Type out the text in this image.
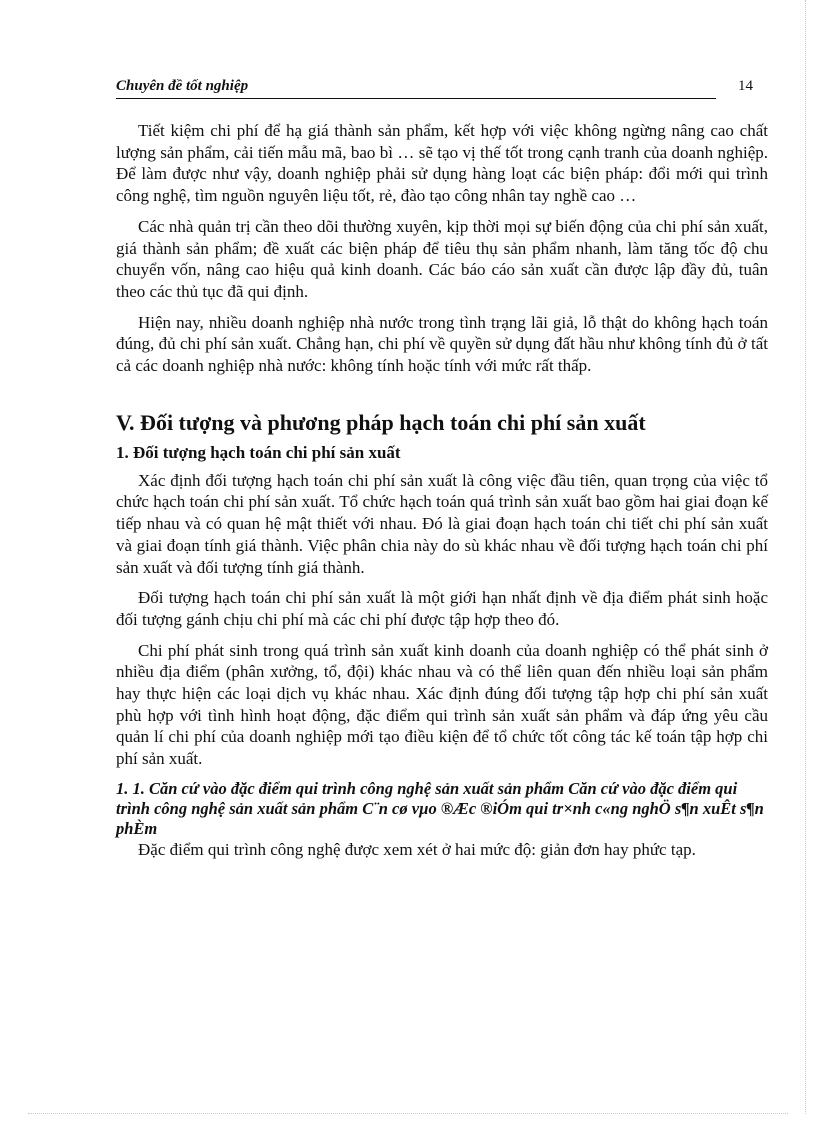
Chuyên đề tốt nghiệp	14

Tiết kiệm chi phí để hạ giá thành sản phẩm, kết hợp với việc không ngừng nâng cao chất lượng sản phẩm, cải tiến mẫu mã, bao bì … sẽ tạo vị thế tốt trong cạnh tranh của doanh nghiệp. Để làm được như vậy, doanh nghiệp phải sử dụng hàng loạt các biện pháp: đổi mới qui trình công nghệ, tìm nguồn nguyên liệu tốt, rẻ, đào tạo công nhân tay nghề cao …

Các nhà quản trị cần theo dõi thường xuyên, kịp thời mọi sự biến động của chi phí sản xuất, giá thành sản phẩm; đề xuất các biện pháp để tiêu thụ sản phẩm nhanh, làm tăng tốc độ chu chuyển vốn, nâng cao hiệu quả kinh doanh. Các báo cáo sản xuất cần được lập đầy đủ, tuân theo các thủ tục đã qui định.

Hiện nay, nhiều doanh nghiệp nhà nước trong tình trạng lãi giả, lỗ thật do không hạch toán đúng, đủ chi phí sản xuất. Chẳng hạn, chi phí về quyền sử dụng đất hầu như không tính đủ ở tất cả các doanh nghiệp nhà nước: không tính hoặc tính với mức rất thấp.

V. Đối tượng và phương pháp hạch toán chi phí sản xuất
1. Đối tượng hạch toán chi phí sản xuất

Xác định đối tượng hạch toán chi phí sản xuất là công việc đầu tiên, quan trọng của việc tổ chức hạch toán chi phí sản xuất. Tổ chức hạch toán quá trình sản xuất bao gồm hai giai đoạn kế tiếp nhau và có quan hệ mật thiết với nhau. Đó là giai đoạn hạch toán chi tiết chi phí sản xuất và giai đoạn tính giá thành. Việc phân chia này do sù khác nhau về đối tượng hạch toán chi phí sản xuất và đối tượng tính giá thành.

Đối tượng hạch toán chi phí sản xuất là một giới hạn nhất định về địa điểm phát sinh hoặc đối tượng gánh chịu chi phí mà các chi phí được tập hợp theo đó.

Chi phí phát sinh trong quá trình sản xuất kinh doanh của doanh nghiệp có thể phát sinh ở nhiều địa điểm (phân xưởng, tổ, đội) khác nhau và có thể liên quan đến nhiều loại sản phẩm hay thực hiện các loại dịch vụ khác nhau. Xác định đúng đối tượng tập hợp chi phí sản xuất phù hợp với tình hình hoạt động, đặc điểm qui trình sản xuất sản phẩm và đáp ứng yêu cầu quản lí chi phí của doanh nghiệp mới tạo điều kiện để tổ chức tốt công tác kế toán tập hợp chi phí sản xuất.

1. 1. Căn cứ vào đặc điểm qui trình công nghệ sản xuất sản phẩm Căn cứ vào đặc điểm qui trình công nghệ sản xuất sản phẩm C¨n cø vµo ®Æc ®iÓm qui tr×nh c«ng nghÖ s¶n xuÊt s¶n phÈm

Đặc điểm qui trình công nghệ được xem xét ở hai mức độ: giản đơn hay phức tạp.
